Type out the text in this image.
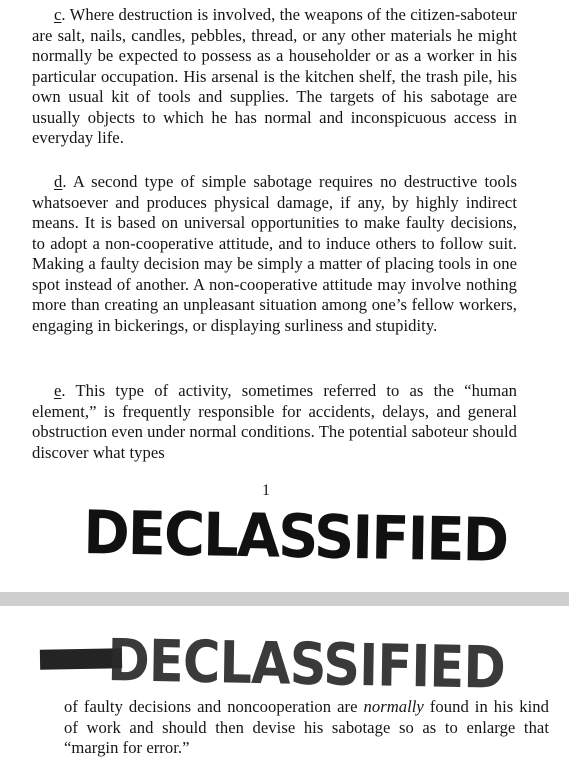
c. Where destruction is involved, the weapons of the citizen-saboteur are salt, nails, candles, pebbles, thread, or any other materials he might normally be expected to possess as a householder or as a worker in his particular occupation. His arsenal is the kitchen shelf, the trash pile, his own usual kit of tools and supplies. The targets of his sabotage are usually objects to which he has normal and inconspicuous access in everyday life.
d. A second type of simple sabotage requires no destructive tools whatsoever and produces physical damage, if any, by highly indirect means. It is based on universal opportunities to make faulty decisions, to adopt a non-cooperative attitude, and to induce others to follow suit. Making a faulty decision may be simply a matter of placing tools in one spot instead of another. A non-cooperative attitude may involve nothing more than creating an unpleasant situation among one’s fellow workers, engaging in bickerings, or displaying surliness and stupidity.
e. This type of activity, sometimes referred to as the “human element,” is frequently responsible for accidents, delays, and general obstruction even under normal conditions. The potential saboteur should discover what types
1
DECLASSIFIED
DECLASSIFIED
of faulty decisions and noncooperation are normally found in his kind of work and should then devise his sabotage so as to enlarge that “margin for error.”
